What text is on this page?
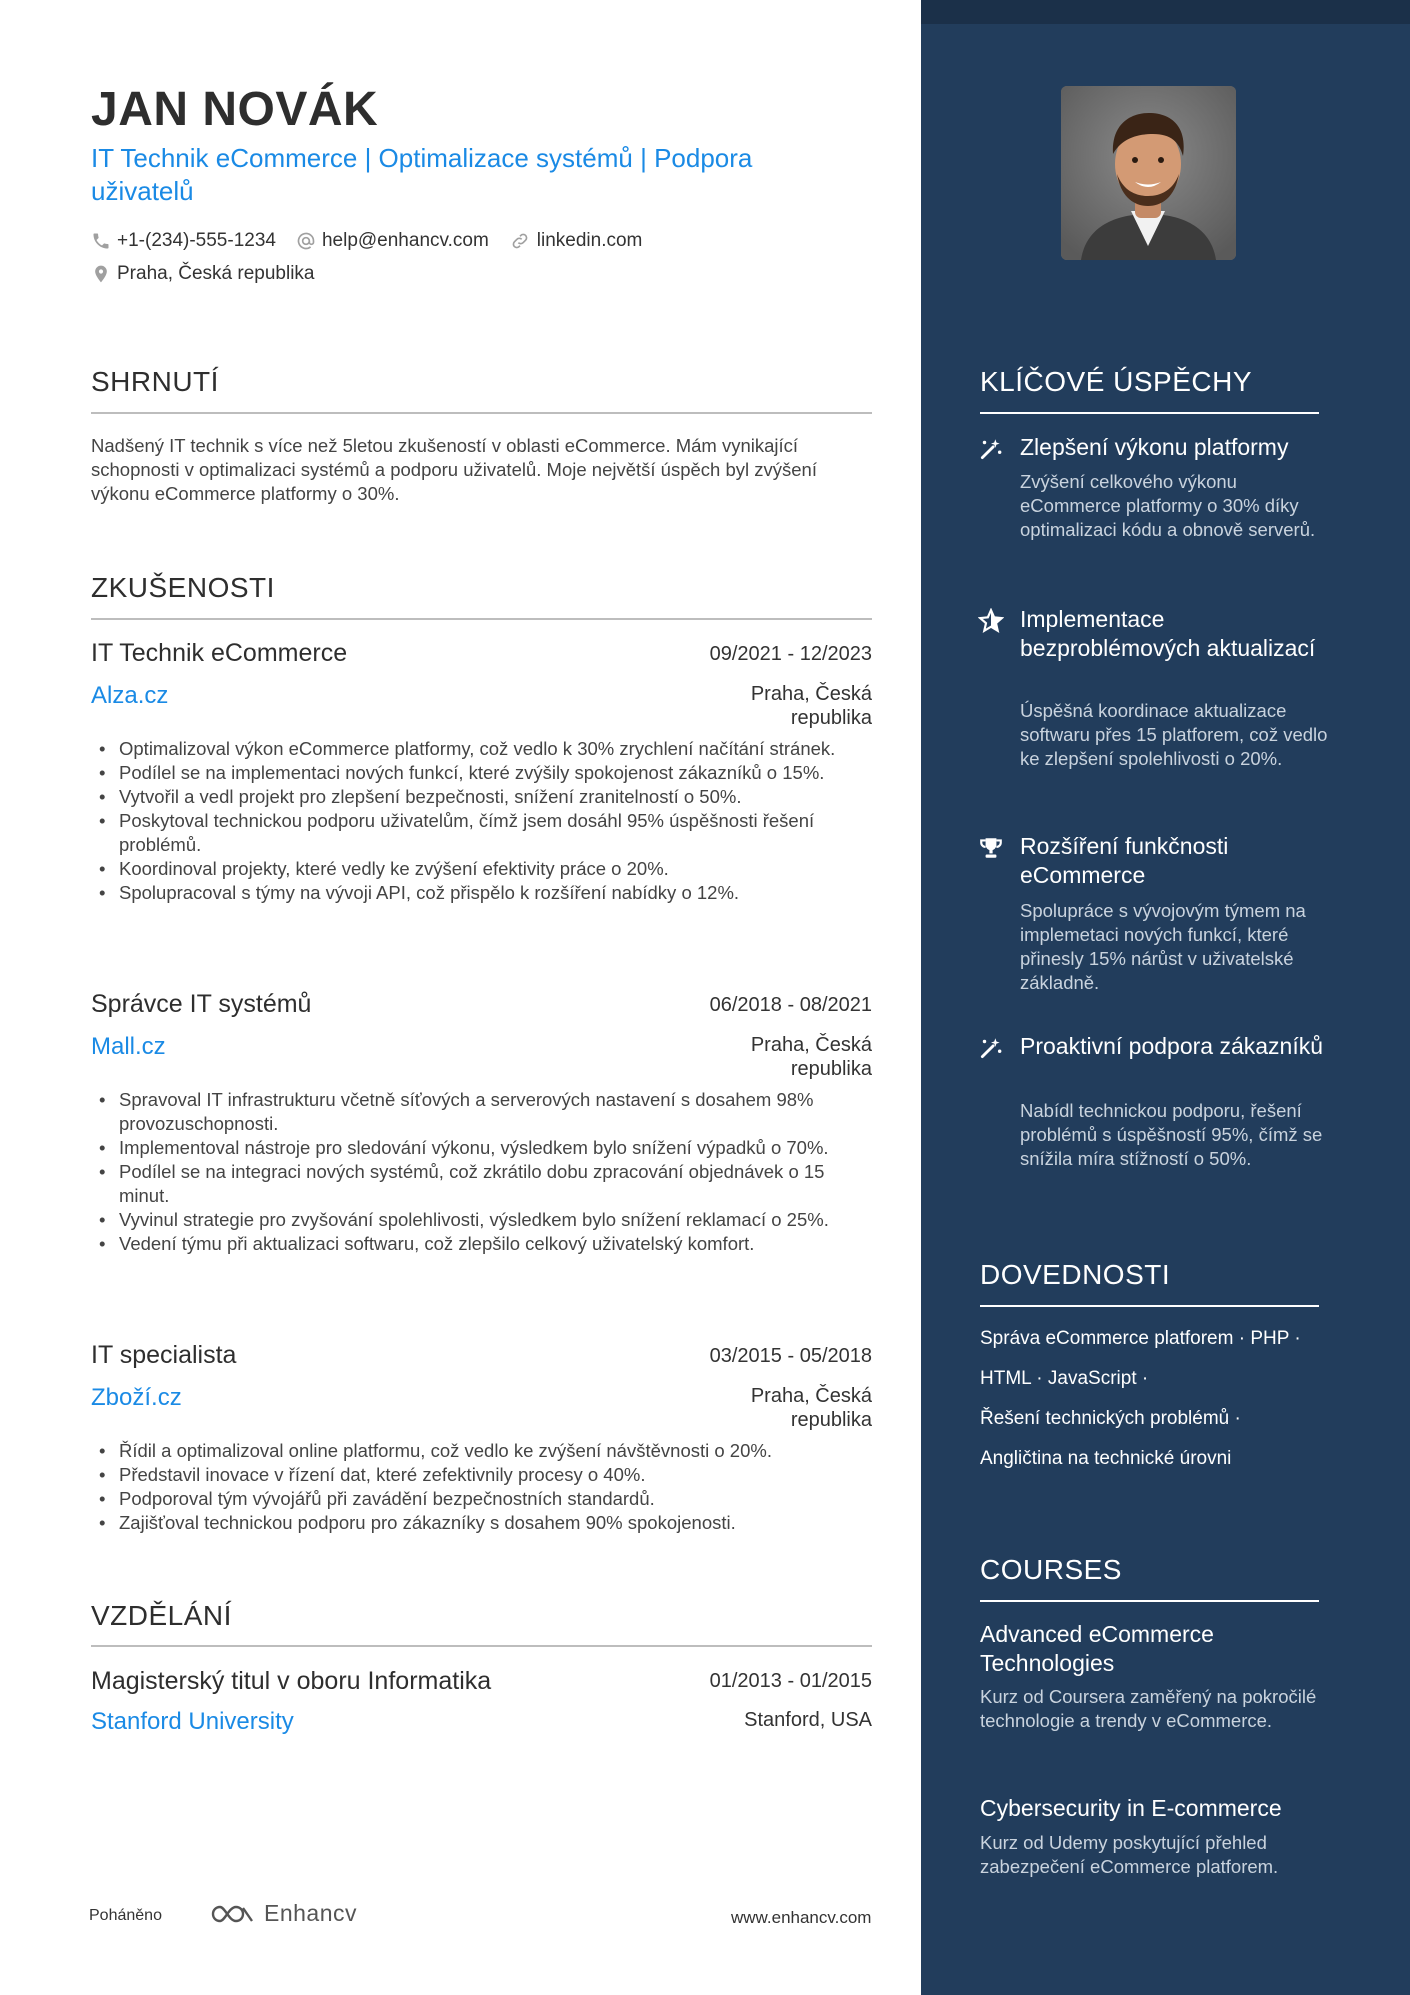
JAN NOVÁK
IT Technik eCommerce | Optimalizace systémů | Podpora uživatelů
+1-(234)-555-1234 help@enhancv.com	linkedin.com
Praha, Česká republika
SHRNUTÍ
Nadšený IT technik s více než 5letou zkušeností v oblasti eCommerce. Mám vynikající schopnosti v optimalizaci systémů a podporu uživatelů. Moje největší úspěch byl zvýšení výkonu eCommerce platformy o 30%.
ZKUŠENOSTI
IT Technik eCommerce	09/2021 - 12/2023
Alza.cz	Praha, Česká republika
• Optimalizoval výkon eCommerce platformy, což vedlo k 30% zrychlení načítání stránek.
• Podílel se na implementaci nových funkcí, které zvýšily spokojenost zákazníků o 15%.
• Vytvořil a vedl projekt pro zlepšení bezpečnosti, snížení zranitelností o 50%.
• Poskytoval technickou podporu uživatelům, čímž jsem dosáhl 95% úspěšnosti řešení problémů.
• Koordinoval projekty, které vedly ke zvýšení efektivity práce o 20%.
• Spolupracoval s týmy na vývoji API, což přispělo k rozšíření nabídky o 12%.
Správce IT systémů	06/2018 - 08/2021
Mall.cz	Praha, Česká republika
• Spravoval IT infrastrukturu včetně síťových a serverových nastavení s dosahem 98% provozuschopnosti.
• Implementoval nástroje pro sledování výkonu, výsledkem bylo snížení výpadků o 70%.
• Podílel se na integraci nových systémů, což zkrátilo dobu zpracování objednávek o 15 minut.
• Vyvinul strategie pro zvyšování spolehlivosti, výsledkem bylo snížení reklamací o 25%.
• Vedení týmu při aktualizaci softwaru, což zlepšilo celkový uživatelský komfort.
IT specialista	03/2015 - 05/2018
Zboží.cz	Praha, Česká republika
• Řídil a optimalizoval online platformu, což vedlo ke zvýšení návštěvnosti o 20%.
• Představil inovace v řízení dat, které zefektivnily procesy o 40%.
• Podporoval tým vývojářů při zavádění bezpečnostních standardů.
• Zajišťoval technickou podporu pro zákazníky s dosahem 90% spokojenosti.
VZDĚLÁNÍ
Magisterský titul v oboru Informatika	01/2013 - 01/2015
Stanford University	Stanford, USA
Poháněno	Enhancv	www.enhancv.com
KLÍČOVÉ ÚSPĚCHY
Zlepšení výkonu platformy
Zvýšení celkového výkonu eCommerce platformy o 30% díky optimalizaci kódu a obnově serverů.
Implementace bezproblémových aktualizací
Úspěšná koordinace aktualizace softwaru přes 15 platforem, což vedlo ke zlepšení spolehlivosti o 20%.
Rozšíření funkčnosti eCommerce
Spolupráce s vývojovým týmem na implemetaci nových funkcí, které přinesly 15% nárůst v uživatelské základně.
Proaktivní podpora zákazníků
Nabídl technickou podporu, řešení problémů s úspěšností 95%, čímž se snížila míra stížností o 50%.
DOVEDNOSTI
Správa eCommerce platforem · PHP ·
HTML · JavaScript ·
Řešení technických problémů ·
Angličtina na technické úrovni
COURSES
Advanced eCommerce Technologies
Kurz od Coursera zaměřený na pokročilé technologie a trendy v eCommerce.
Cybersecurity in E-commerce
Kurz od Udemy poskytující přehled zabezpečení eCommerce platforem.
